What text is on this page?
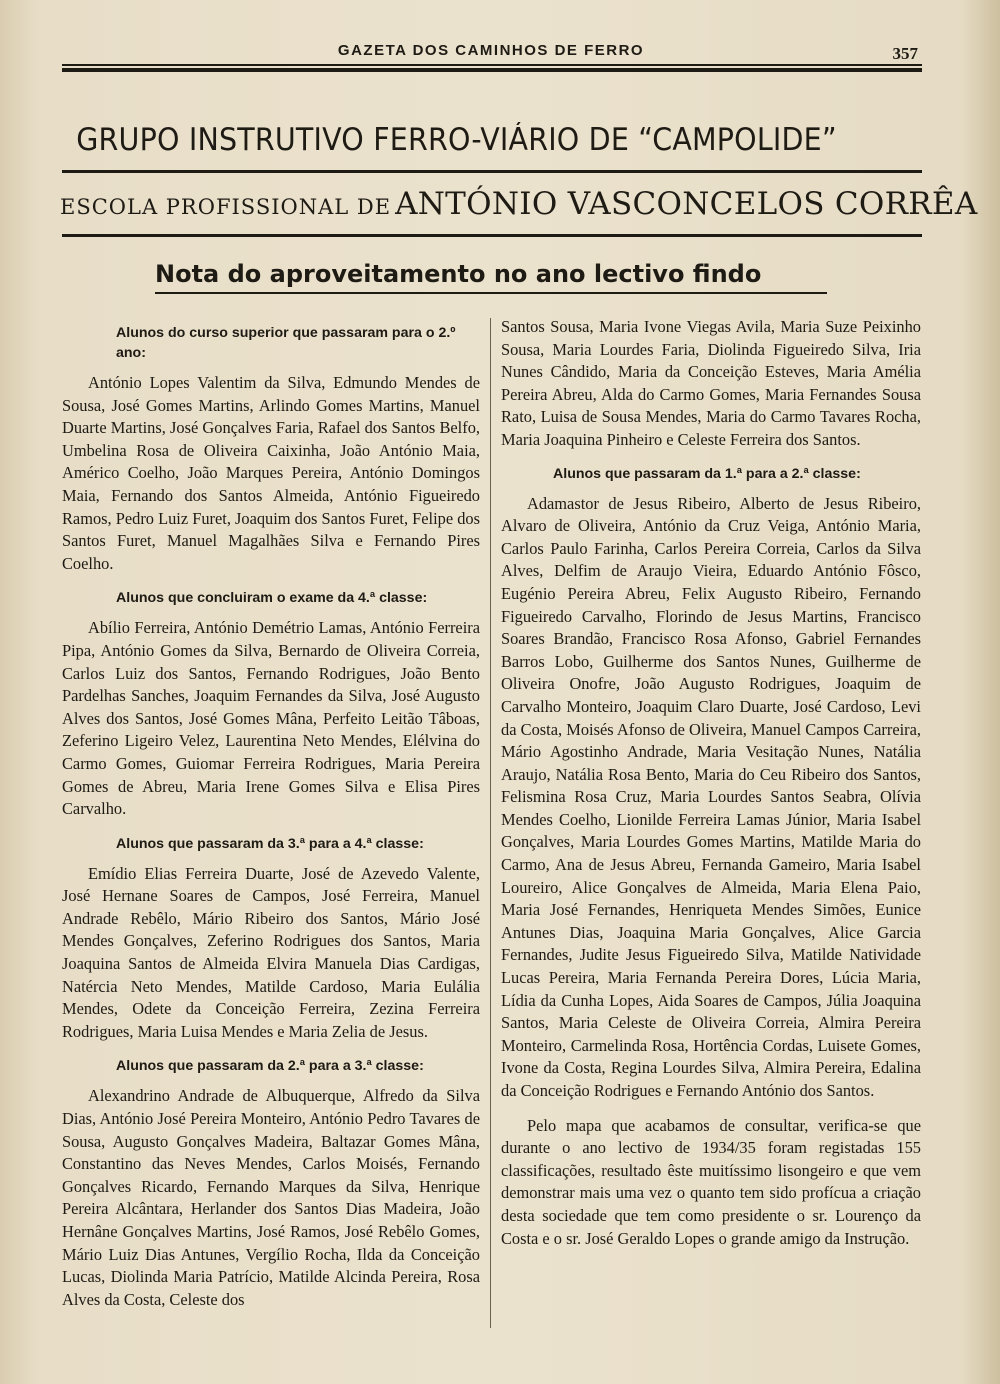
GAZETA DOS CAMINHOS DE FERRO	357
GRUPO INSTRUTIVO FERRO-VIÁRIO DE “CAMPOLIDE”
ESCOLA PROFISSIONAL DE ANTÓNIO VASCONCELOS CORRÊA
Nota do aproveitamento no ano lectivo findo
Alunos do curso superior que passaram para o 2.º ano:

António Lopes Valentim da Silva, Edmundo Mendes de Sousa, José Gomes Martins, Arlindo Gomes Martins, Manuel Duarte Martins, José Gonçalves Faria, Rafael dos Santos Belfo, Umbelina Rosa de Oliveira Caixinha, João António Maia, Américo Coelho, João Marques Pereira, António Domingos Maia, Fernando dos Santos Almeida, António Figueiredo Ramos, Pedro Luiz Furet, Joaquim dos Santos Furet, Felipe dos Santos Furet, Manuel Magalhães Silva e Fernando Pires Coelho.

Alunos que concluiram o exame da 4.ª classe:

Abílio Ferreira, António Demétrio Lamas, António Ferreira Pipa, António Gomes da Silva, Bernardo de Oliveira Correia, Carlos Luiz dos Santos, Fernando Rodrigues, João Bento Pardelhas Sanches, Joaquim Fernandes da Silva, José Augusto Alves dos Santos, José Gomes Mâna, Perfeito Leitão Tâboas, Zeferino Ligeiro Velez, Laurentina Neto Mendes, Elélvina do Carmo Gomes, Guiomar Ferreira Rodrigues, Maria Pereira Gomes de Abreu, Maria Irene Gomes Silva e Elisa Pires Carvalho.

Alunos que passaram da 3.ª para a 4.ª classe:

Emídio Elias Ferreira Duarte, José de Azevedo Valente, José Hernane Soares de Campos, José Ferreira, Manuel Andrade Rebêlo, Mário Ribeiro dos Santos, Mário José Mendes Gonçalves, Zeferino Rodrigues dos Santos, Maria Joaquina Santos de Almeida Elvira Manuela Dias Cardigas, Natércia Neto Mendes, Matilde Cardoso, Maria Eulália Mendes, Odete da Conceição Ferreira, Zezina Ferreira Rodrigues, Maria Luisa Mendes e Maria Zelia de Jesus.

Alunos que passaram da 2.ª para a 3.ª classe:

Alexandrino Andrade de Albuquerque, Alfredo da Silva Dias, António José Pereira Monteiro, António Pedro Tavares de Sousa, Augusto Gonçalves Madeira, Baltazar Gomes Mâna, Constantino das Neves Mendes, Carlos Moisés, Fernando Gonçalves Ricardo, Fernando Marques da Silva, Henrique Pereira Alcântara, Herlander dos Santos Dias Madeira, João Hernâne Gonçalves Martins, José Ramos, José Rebêlo Gomes, Mário Luiz Dias Antunes, Vergílio Rocha, Ilda da Conceição Lucas, Diolinda Maria Patrício, Matilde Alcinda Pereira, Rosa Alves da Costa, Celeste dos

Santos Sousa, Maria Ivone Viegas Avila, Maria Suze Peixinho Sousa, Maria Lourdes Faria, Diolinda Figueiredo Silva, Iria Nunes Cândido, Maria da Conceição Esteves, Maria Amélia Pereira Abreu, Alda do Carmo Gomes, Maria Fernandes Sousa Rato, Luisa de Sousa Mendes, Maria do Carmo Tavares Rocha, Maria Joaquina Pinheiro e Celeste Ferreira dos Santos.

Alunos que passaram da 1.ª para a 2.ª classe:

Adamastor de Jesus Ribeiro, Alberto de Jesus Ribeiro, Alvaro de Oliveira, António da Cruz Veiga, António Maria, Carlos Paulo Farinha, Carlos Pereira Correia, Carlos da Silva Alves, Delfim de Araujo Vieira, Eduardo António Fôsco, Eugénio Pereira Abreu, Felix Augusto Ribeiro, Fernando Figueiredo Carvalho, Florindo de Jesus Martins, Francisco Soares Brandão, Francisco Rosa Afonso, Gabriel Fernandes Barros Lobo, Guilherme dos Santos Nunes, Guilherme de Oliveira Onofre, João Augusto Rodrigues, Joaquim de Carvalho Monteiro, Joaquim Claro Duarte, José Cardoso, Levi da Costa, Moisés Afonso de Oliveira, Manuel Campos Carreira, Mário Agostinho Andrade, Maria Vesitação Nunes, Natália Araujo, Natália Rosa Bento, Maria do Ceu Ribeiro dos Santos, Felismina Rosa Cruz, Maria Lourdes Santos Seabra, Olívia Mendes Coelho, Lionilde Ferreira Lamas Júnior, Maria Isabel Gonçalves, Maria Lourdes Gomes Martins, Matilde Maria do Carmo, Ana de Jesus Abreu, Fernanda Gameiro, Maria Isabel Loureiro, Alice Gonçalves de Almeida, Maria Elena Paio, Maria José Fernandes, Henriqueta Mendes Simões, Eunice Antunes Dias, Joaquina Maria Gonçalves, Alice Garcia Fernandes, Judite Jesus Figueiredo Silva, Matilde Natividade Lucas Pereira, Maria Fernanda Pereira Dores, Lúcia Maria, Lídia da Cunha Lopes, Aida Soares de Campos, Júlia Joaquina Santos, Maria Celeste de Oliveira Correia, Almira Pereira Monteiro, Carmelinda Rosa, Hortência Cordas, Luisete Gomes, Ivone da Costa, Regina Lourdes Silva, Almira Pereira, Edalina da Conceição Rodrigues e Fernando António dos Santos.

Pelo mapa que acabamos de consultar, verifica-se que durante o ano lectivo de 1934/35 foram registadas 155 classificações, resultado êste muitíssimo lisongeiro e que vem demonstrar mais uma vez o quanto tem sido profícua a criação desta sociedade que tem como presidente o sr. Lourenço da Costa e o sr. José Geraldo Lopes o grande amigo da Instrução.
